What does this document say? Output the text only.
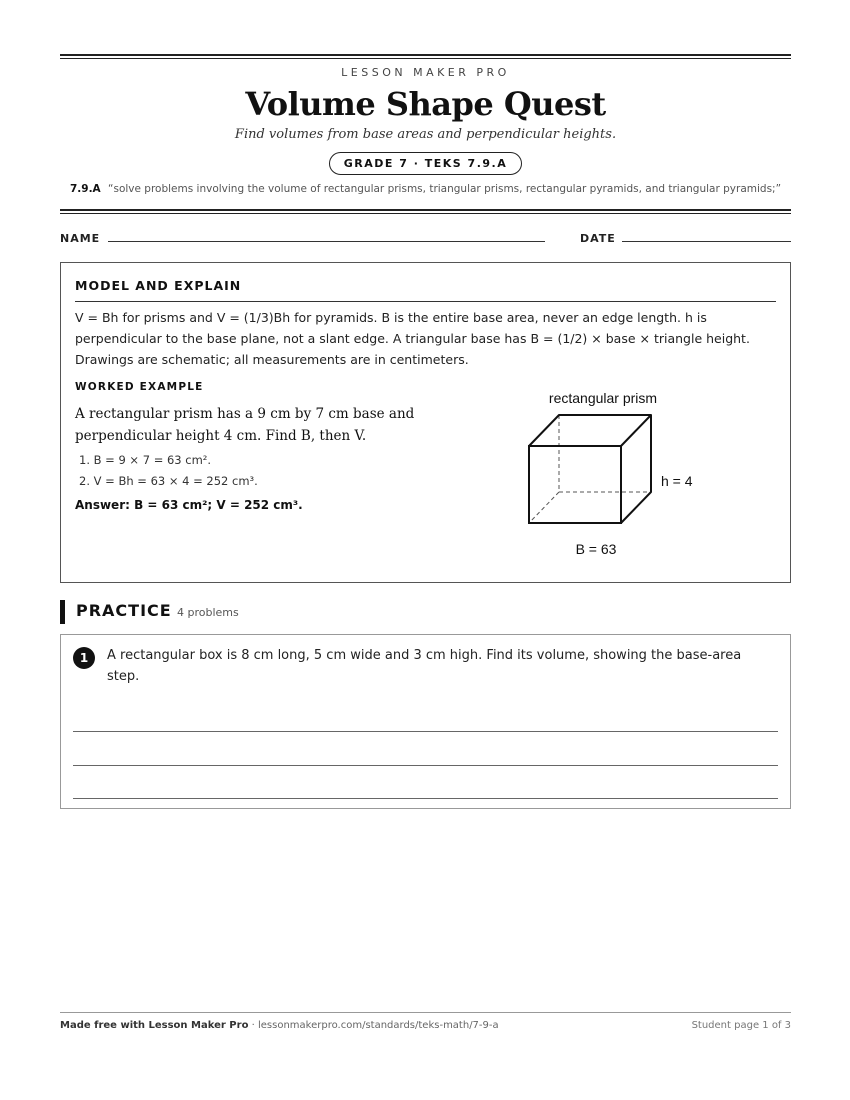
LESSON MAKER PRO
Volume Shape Quest
Find volumes from base areas and perpendicular heights.
GRADE 7 · TEKS 7.9.A
7.9.A “solve problems involving the volume of rectangular prisms, triangular prisms, rectangular pyramids, and triangular pyramids;”
NAME	DATE
MODEL AND EXPLAIN
V = Bh for prisms and V = (1/3)Bh for pyramids. B is the entire base area, never an edge length. h is perpendicular to the base plane, not a slant edge. A triangular base has B = (1/2) × base × triangle height. Drawings are schematic; all measurements are in centimeters.
WORKED EXAMPLE
A rectangular prism has a 9 cm by 7 cm base and perpendicular height 4 cm. Find B, then V.
1. B = 9 × 7 = 63 cm².
2. V = Bh = 63 × 4 = 252 cm³.
Answer: B = 63 cm²; V = 252 cm³.
rectangular prism
h = 4
B = 63
PRACTICE 4 problems
1	A rectangular box is 8 cm long, 5 cm wide and 3 cm high. Find its volume, showing the base-area step.
Made free with Lesson Maker Pro · lessonmakerpro.com/standards/teks-math/7-9-a	Student page 1 of 3
